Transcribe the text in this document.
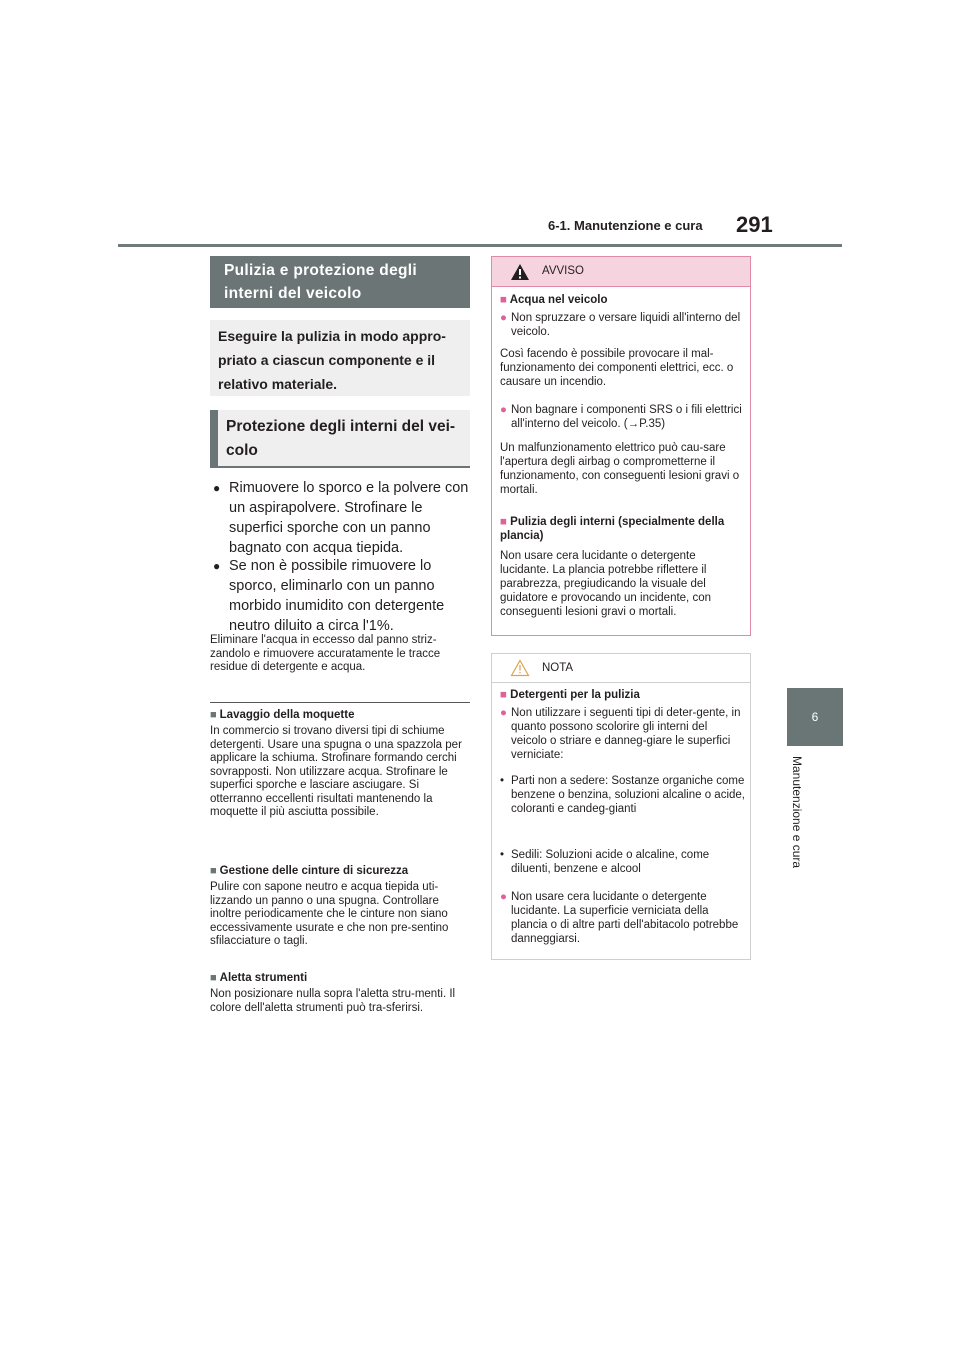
6-1. Manutenzione e cura 291
6
Manutenzione e cura
Pulizia e protezione degli interni del veicolo
Eseguire la pulizia in modo appro-priato a ciascun componente e il relativo materiale.
Protezione degli interni del vei-colo
● Rimuovere lo sporco e la polvere con un aspirapolvere. Strofinare le superfici sporche con un panno bagnato con acqua tiepida.
● Se non è possibile rimuovere lo sporco, eliminarlo con un panno morbido inumidito con detergente neutro diluito a circa l'1%.
Eliminare l'acqua in eccesso dal panno striz-zandolo e rimuovere accuratamente le tracce residue di detergente e acqua.
■ Lavaggio della moquette
In commercio si trovano diversi tipi di schiume detergenti. Usare una spugna o una spazzola per applicare la schiuma. Strofinare formando cerchi sovrapposti. Non utilizzare acqua. Strofinare le superfici sporche e lasciare asciugare. Si otterranno eccellenti risultati mantenendo la moquette il più asciutta possibile.
■ Gestione delle cinture di sicurezza
Pulire con sapone neutro e acqua tiepida uti-lizzando un panno o una spugna. Controllare inoltre periodicamente che le cinture non siano eccessivamente usurate e che non pre-sentino sfilacciature o tagli.
■ Aletta strumenti
Non posizionare nulla sopra l'aletta stru-menti. Il colore dell'aletta strumenti può tra-sferirsi.
AVVISO
■ Acqua nel veicolo
● Non spruzzare o versare liquidi all'interno del veicolo.
Così facendo è possibile provocare il mal-funzionamento dei componenti elettrici, ecc. o causare un incendio.
● Non bagnare i componenti SRS o i fili elettrici all'interno del veicolo. (→P.35)
Un malfunzionamento elettrico può cau-sare l'apertura degli airbag o comprometterne il funzionamento, con conseguenti lesioni gravi o mortali.
■ Pulizia degli interni (specialmente della plancia)
Non usare cera lucidante o detergente lucidante. La plancia potrebbe riflettere il parabrezza, pregiudicando la visuale del guidatore e provocando un incidente, con conseguenti lesioni gravi o mortali.
NOTA
■ Detergenti per la pulizia
● Non utilizzare i seguenti tipi di deter-gente, in quanto possono scolorire gli interni del veicolo o striare e danneg-giare le superfici verniciate:
• Parti non a sedere: Sostanze organiche come benzene o benzina, soluzioni alcaline o acide, coloranti e candeg-gianti
• Sedili: Soluzioni acide o alcaline, come diluenti, benzene e alcool
● Non usare cera lucidante o detergente lucidante. La superficie verniciata della plancia o di altre parti dell'abitacolo potrebbe danneggiarsi.
